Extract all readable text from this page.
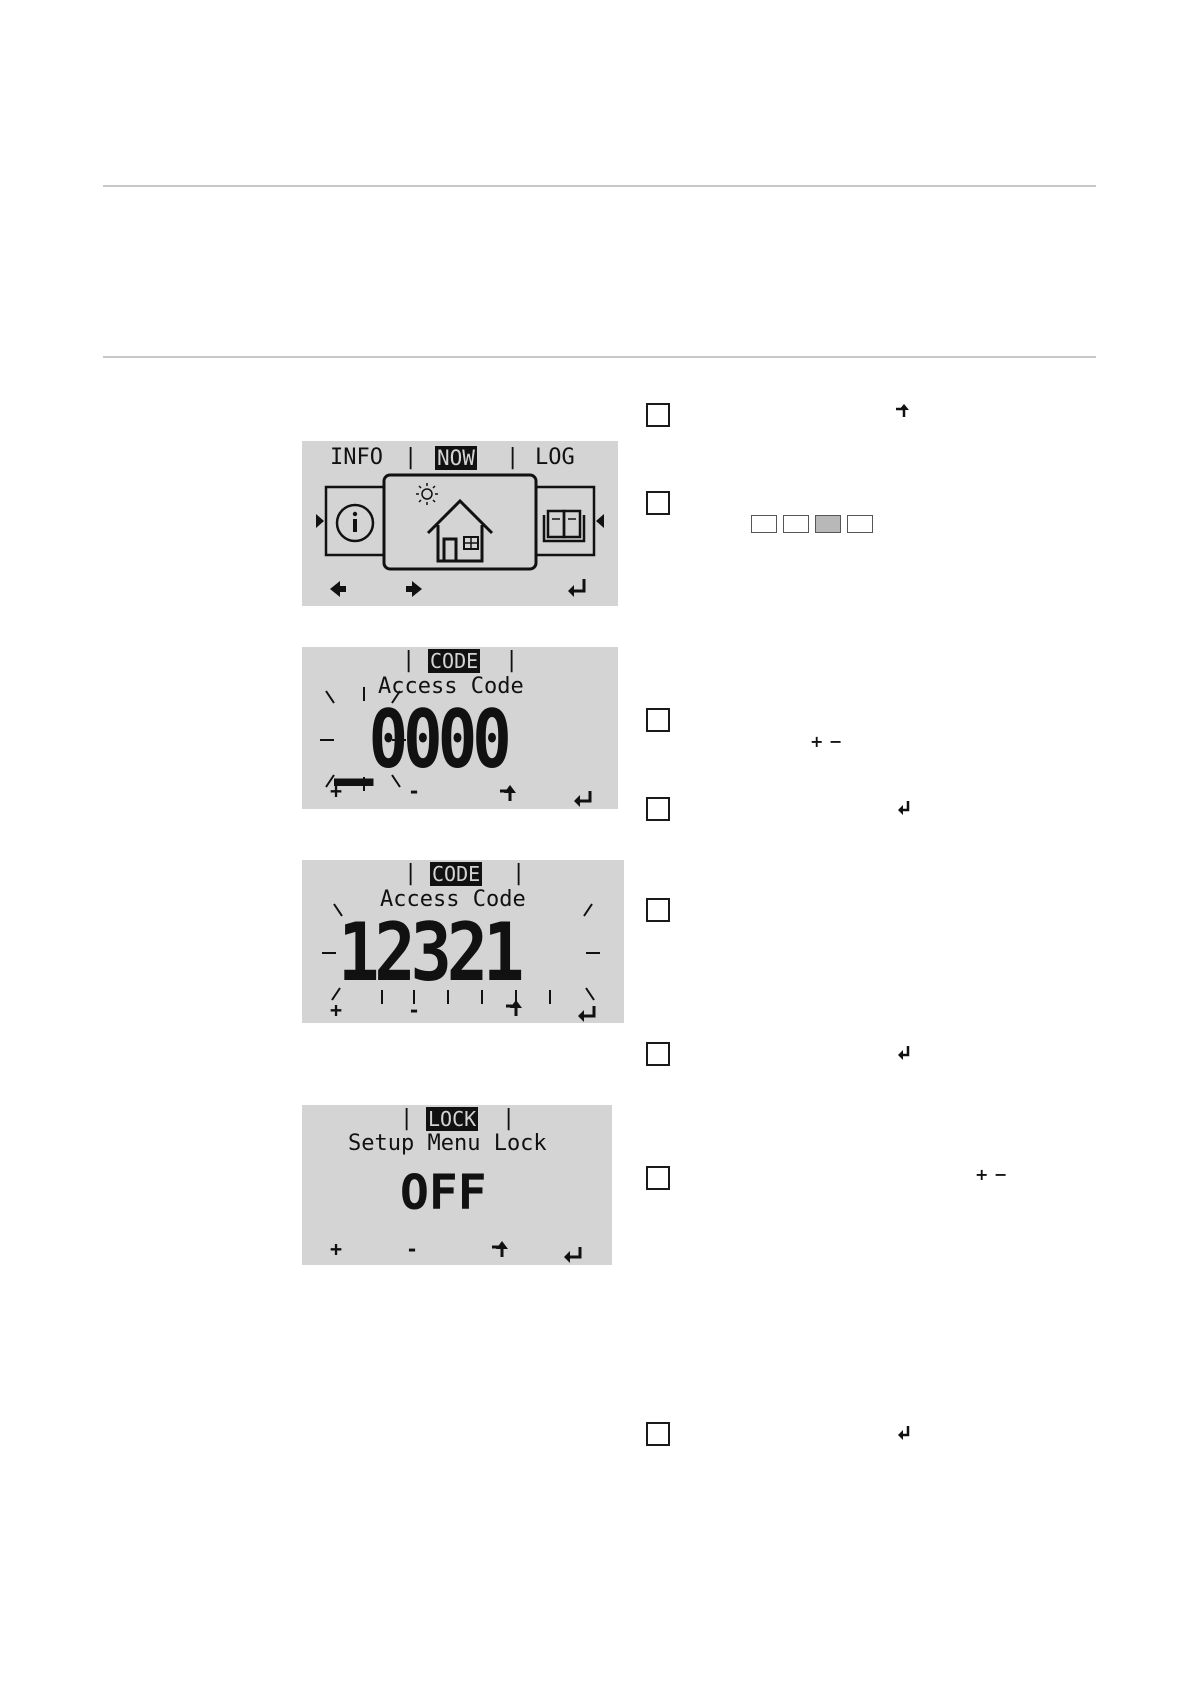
INFO | NOW | LOG
| CODE |
Access Code
_0000
+	-
| CODE |
Access Code
12321
+	-
| LOCK |
Setup Menu Lock
OFF
+	-
+ −
+ −
